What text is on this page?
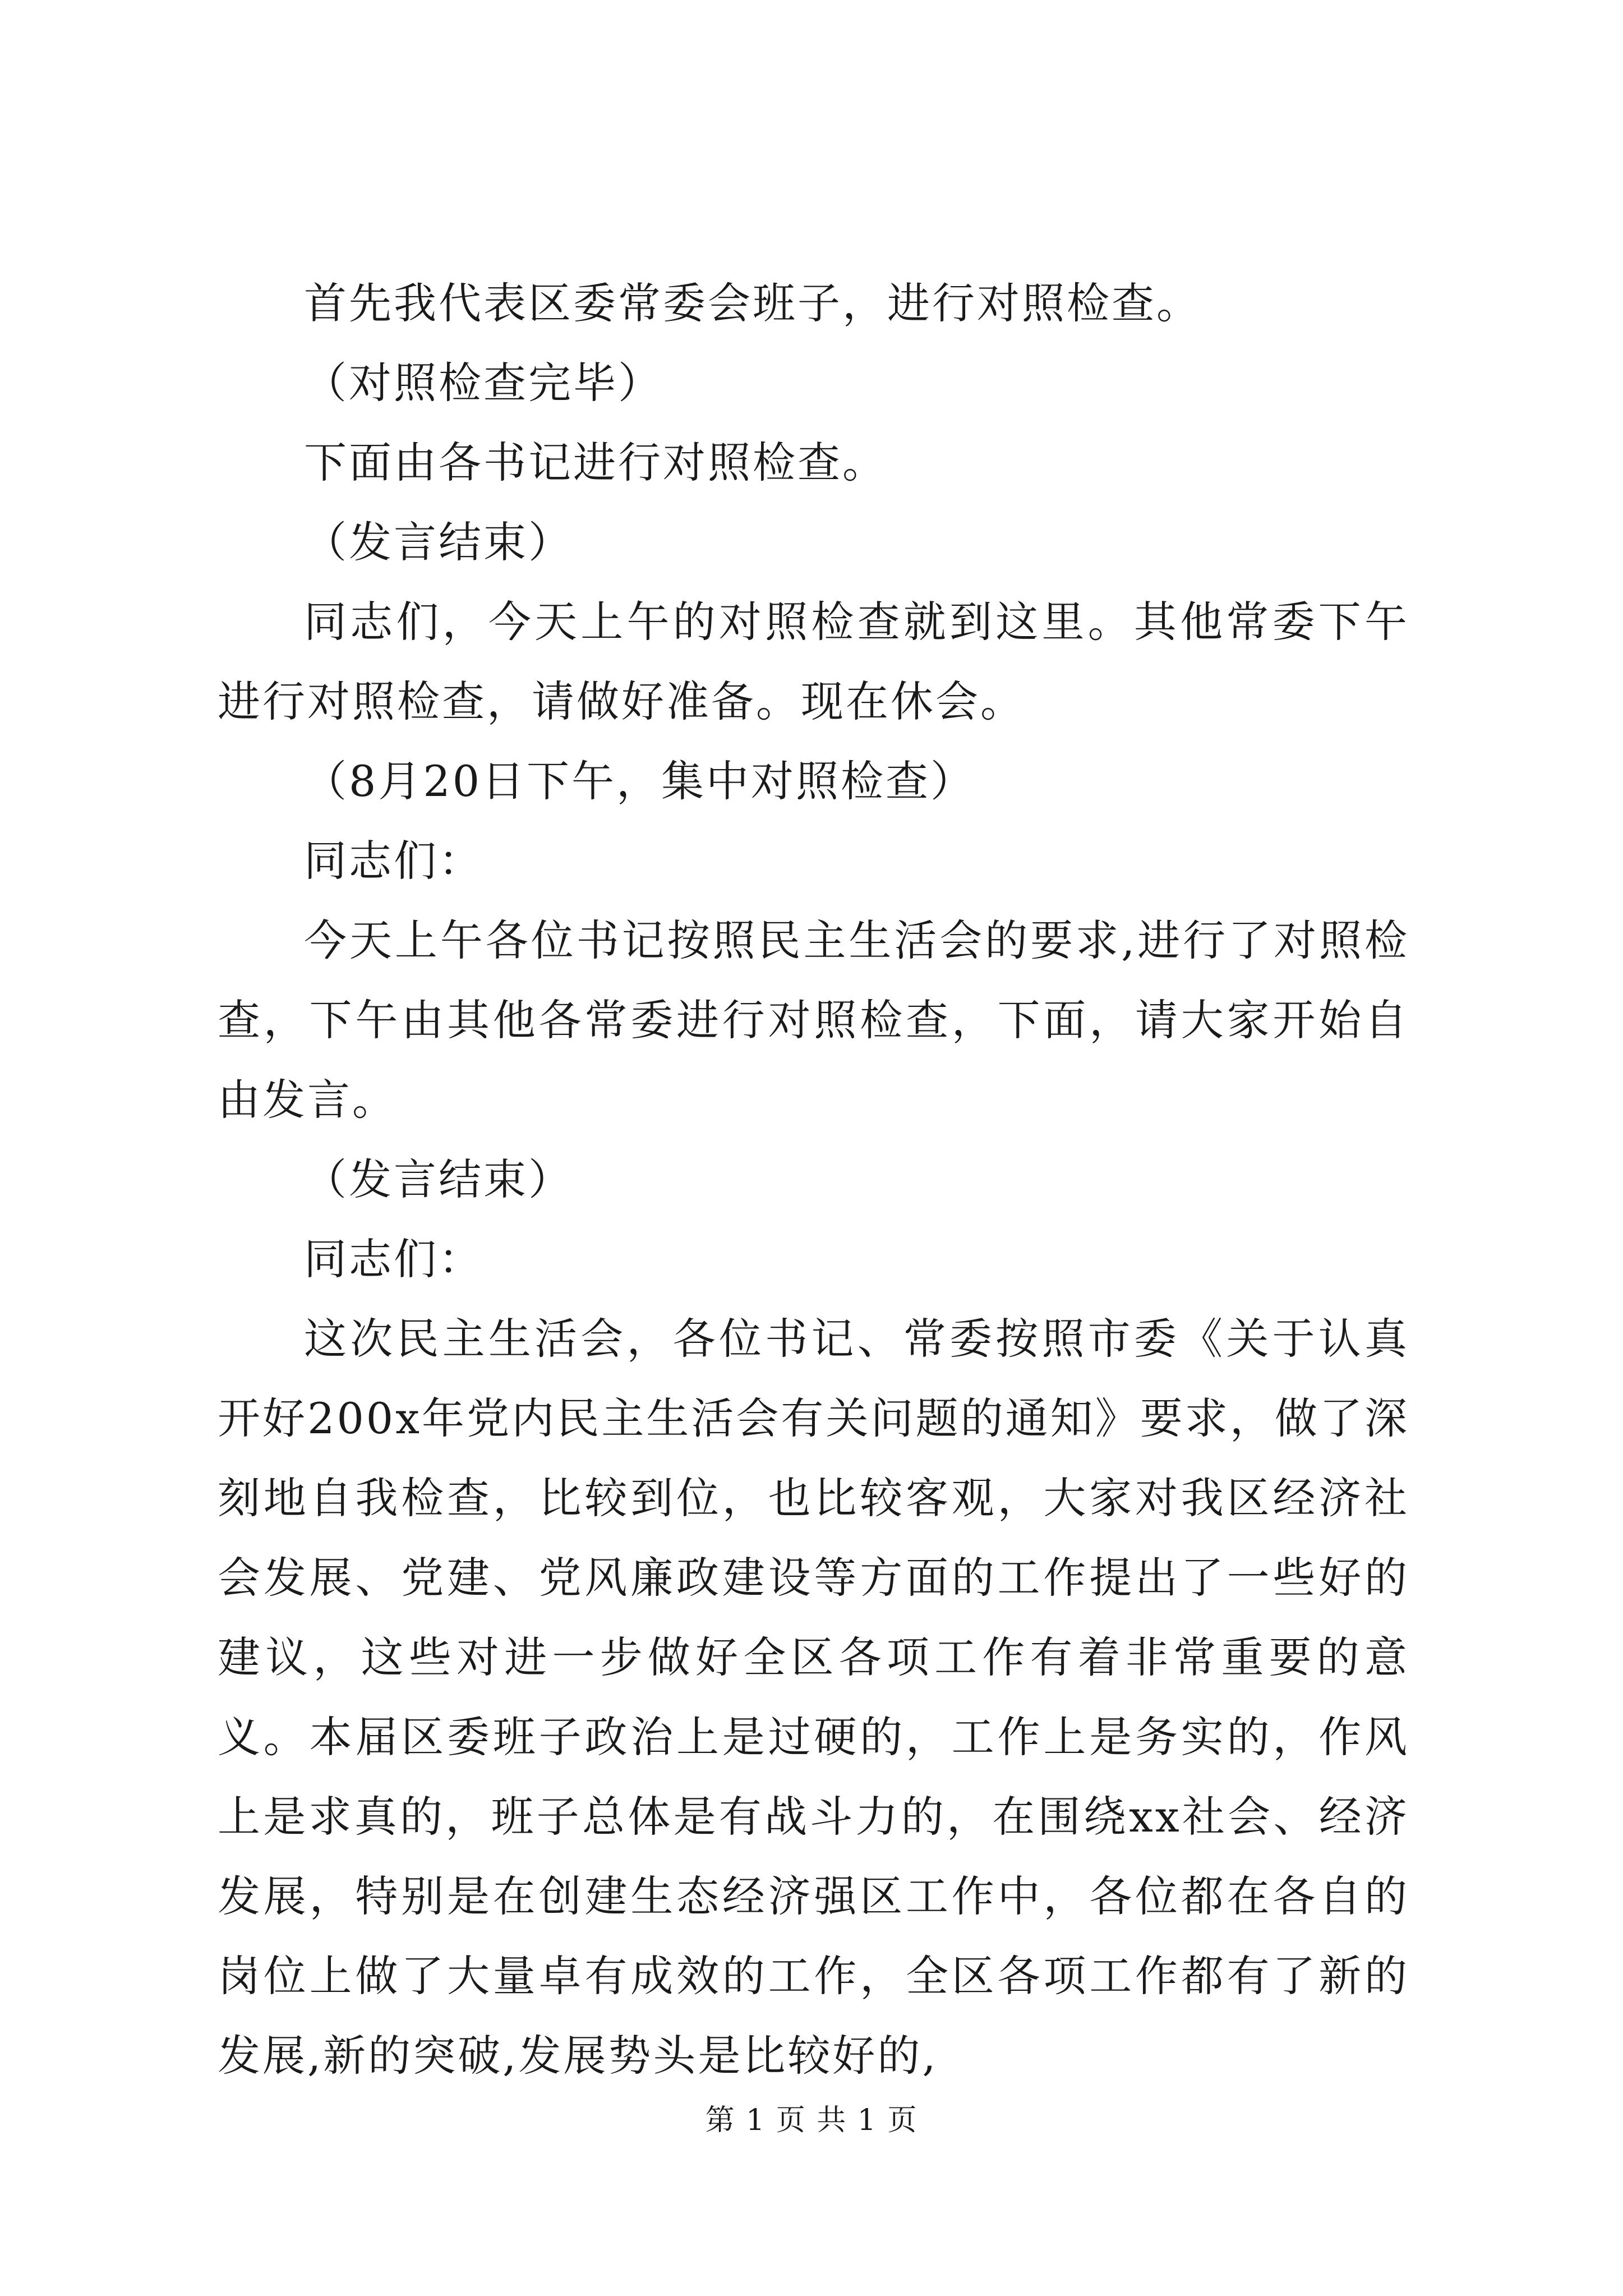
首先我代表区委常委会班子，进行对照检查。

（对照检查完毕）

下面由各书记进行对照检查。

（发言结束）

同志们，今天上午的对照检查就到这里。其他常委下午进行对照检查，请做好准备。现在休会。

（8月20日下午，集中对照检查）

同志们：

今天上午各位书记按照民主生活会的要求,进行了对照检查，下午由其他各常委进行对照检查，下面，请大家开始自由发言。

（发言结束）

同志们：

这次民主生活会，各位书记、常委按照市委《关于认真开好200x年党内民主生活会有关问题的通知》要求，做了深刻地自我检查，比较到位，也比较客观，大家对我区经济社会发展、党建、党风廉政建设等方面的工作提出了一些好的建议，这些对进一步做好全区各项工作有着非常重要的意义。本届区委班子政治上是过硬的，工作上是务实的，作风上是求真的，班子总体是有战斗力的，在围绕xx社会、经济发展，特别是在创建生态经济强区工作中，各位都在各自的岗位上做了大量卓有成效的工作，全区各项工作都有了新的发展,新的突破,发展势头是比较好的,

第 1 页 共 1 页
